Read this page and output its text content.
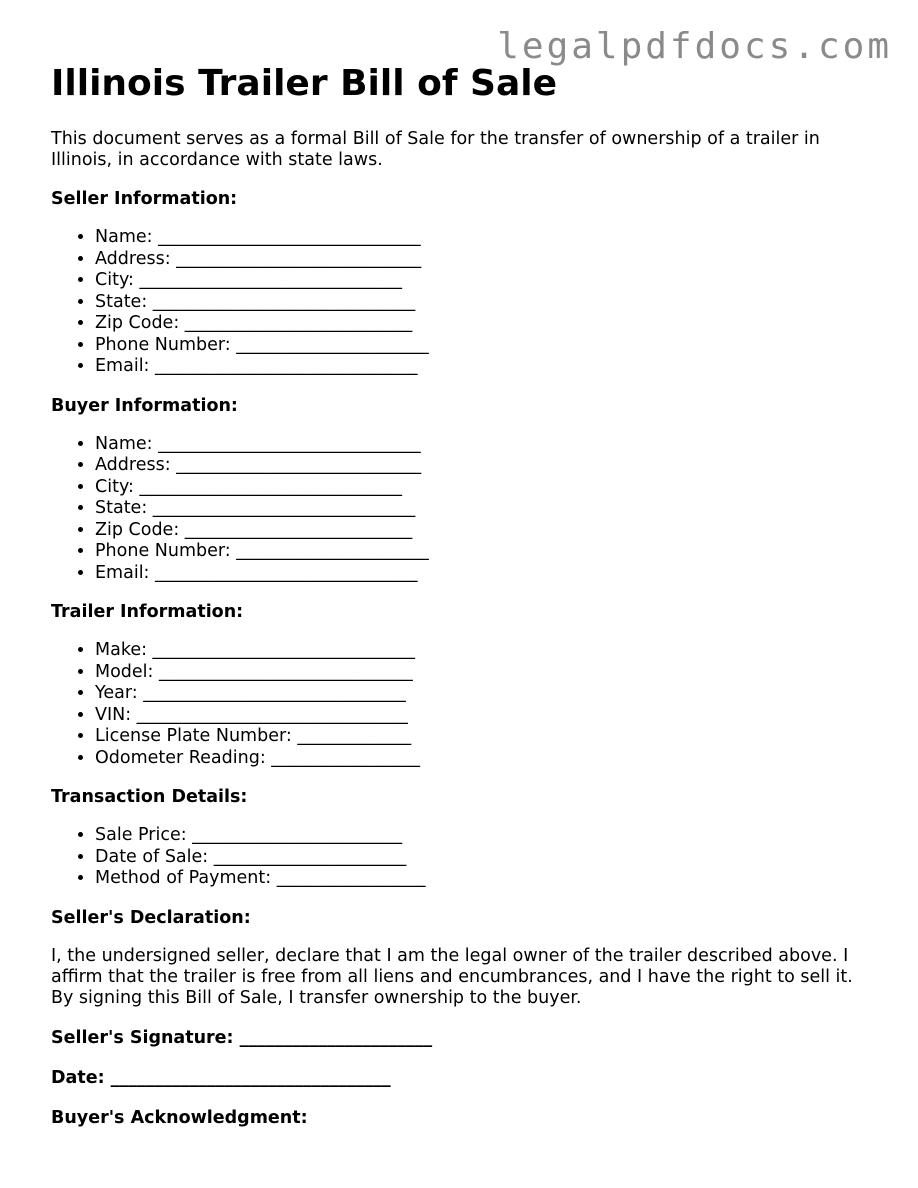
legalpdfdocs.com
Illinois Trailer Bill of Sale

This document serves as a formal Bill of Sale for the transfer of ownership of a trailer in Illinois, in accordance with state laws.

Seller Information:
• Name: ______________________________
• Address: ____________________________
• City: ______________________________
• State: ______________________________
• Zip Code: __________________________
• Phone Number: ______________________
• Email: ______________________________
Buyer Information:
• Name: ______________________________
• Address: ____________________________
• City: ______________________________
• State: ______________________________
• Zip Code: __________________________
• Phone Number: ______________________
• Email: ______________________________
Trailer Information:
• Make: ______________________________
• Model: _____________________________
• Year: ______________________________
• VIN: _______________________________
• License Plate Number: _____________
• Odometer Reading: _________________
Transaction Details:
• Sale Price: ________________________
• Date of Sale: ______________________
• Method of Payment: _________________
Seller's Declaration:

I, the undersigned seller, declare that I am the legal owner of the trailer described above. I affirm that the trailer is free from all liens and encumbrances, and I have the right to sell it. By signing this Bill of Sale, I transfer ownership to the buyer.

Seller's Signature: ______________________

Date: ________________________________

Buyer's Acknowledgment:
